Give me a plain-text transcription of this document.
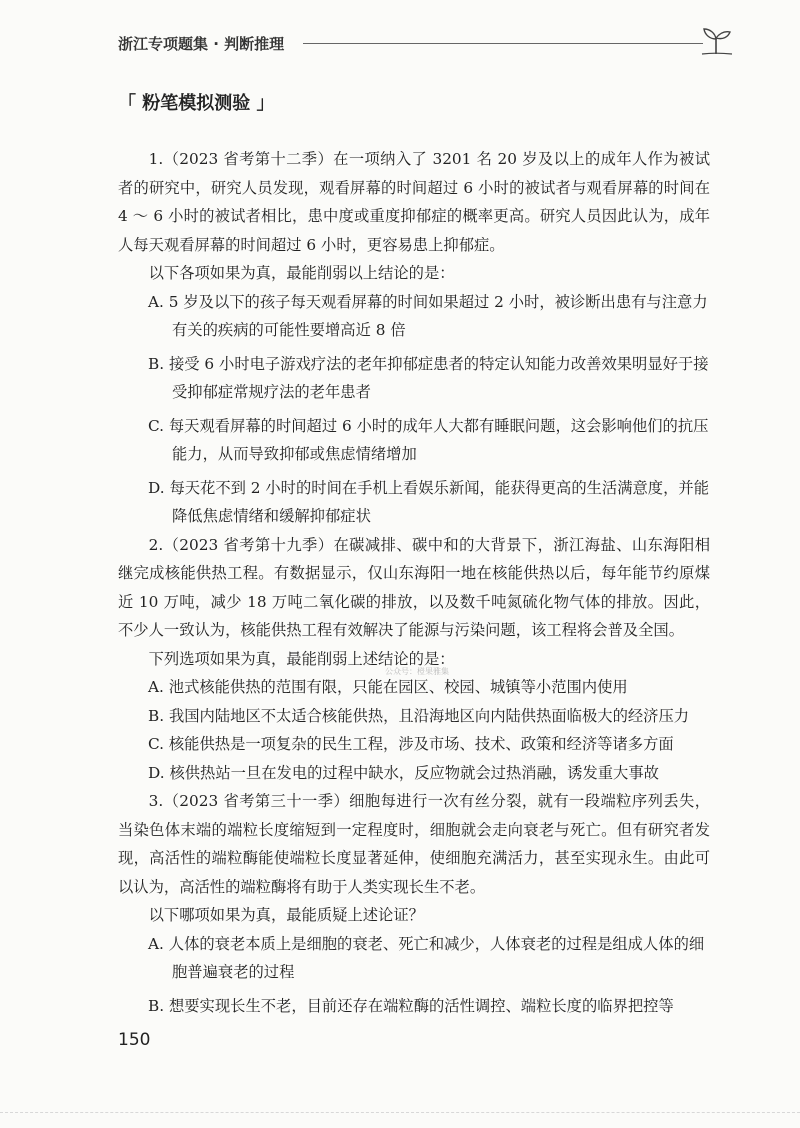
浙江专项题集 · 判断推理
「 粉笔模拟测验 」

1.（2023 省考第十二季）在一项纳入了 3201 名 20 岁及以上的成年人作为被试者的研究中，研究人员发现，观看屏幕的时间超过 6 小时的被试者与观看屏幕的时间在 4 ～ 6 小时的被试者相比，患中度或重度抑郁症的概率更高。研究人员因此认为，成年人每天观看屏幕的时间超过 6 小时，更容易患上抑郁症。

以下各项如果为真，最能削弱以上结论的是：

A. 5 岁及以下的孩子每天观看屏幕的时间如果超过 2 小时，被诊断出患有与注意力有关的疾病的可能性要增高近 8 倍

B. 接受 6 小时电子游戏疗法的老年抑郁症患者的特定认知能力改善效果明显好于接受抑郁症常规疗法的老年患者

C. 每天观看屏幕的时间超过 6 小时的成年人大都有睡眠问题，这会影响他们的抗压能力，从而导致抑郁或焦虑情绪增加

D. 每天花不到 2 小时的时间在手机上看娱乐新闻，能获得更高的生活满意度，并能降低焦虑情绪和缓解抑郁症状

2.（2023 省考第十九季）在碳减排、碳中和的大背景下，浙江海盐、山东海阳相继完成核能供热工程。有数据显示，仅山东海阳一地在核能供热以后，每年能节约原煤近 10 万吨，减少 18 万吨二氧化碳的排放，以及数千吨氮硫化物气体的排放。因此，不少人一致认为，核能供热工程有效解决了能源与污染问题，该工程将会普及全国。

下列选项如果为真，最能削弱上述结论的是：

A. 池式核能供热的范围有限，只能在园区、校园、城镇等小范围内使用

B. 我国内陆地区不太适合核能供热，且沿海地区向内陆供热面临极大的经济压力

C. 核能供热是一项复杂的民生工程，涉及市场、技术、政策和经济等诸多方面

D. 核供热站一旦在发电的过程中缺水，反应物就会过热消融，诱发重大事故

3.（2023 省考第三十一季）细胞每进行一次有丝分裂，就有一段端粒序列丢失，当染色体末端的端粒长度缩短到一定程度时，细胞就会走向衰老与死亡。但有研究者发现，高活性的端粒酶能使端粒长度显著延伸，使细胞充满活力，甚至实现永生。由此可以认为，高活性的端粒酶将有助于人类实现长生不老。

以下哪项如果为真，最能质疑上述论证？

A. 人体的衰老本质上是细胞的衰老、死亡和减少，人体衰老的过程是组成人体的细胞普遍衰老的过程

B. 想要实现长生不老，目前还存在端粒酶的活性调控、端粒长度的临界把控等

公众号：橙果雅集
150
